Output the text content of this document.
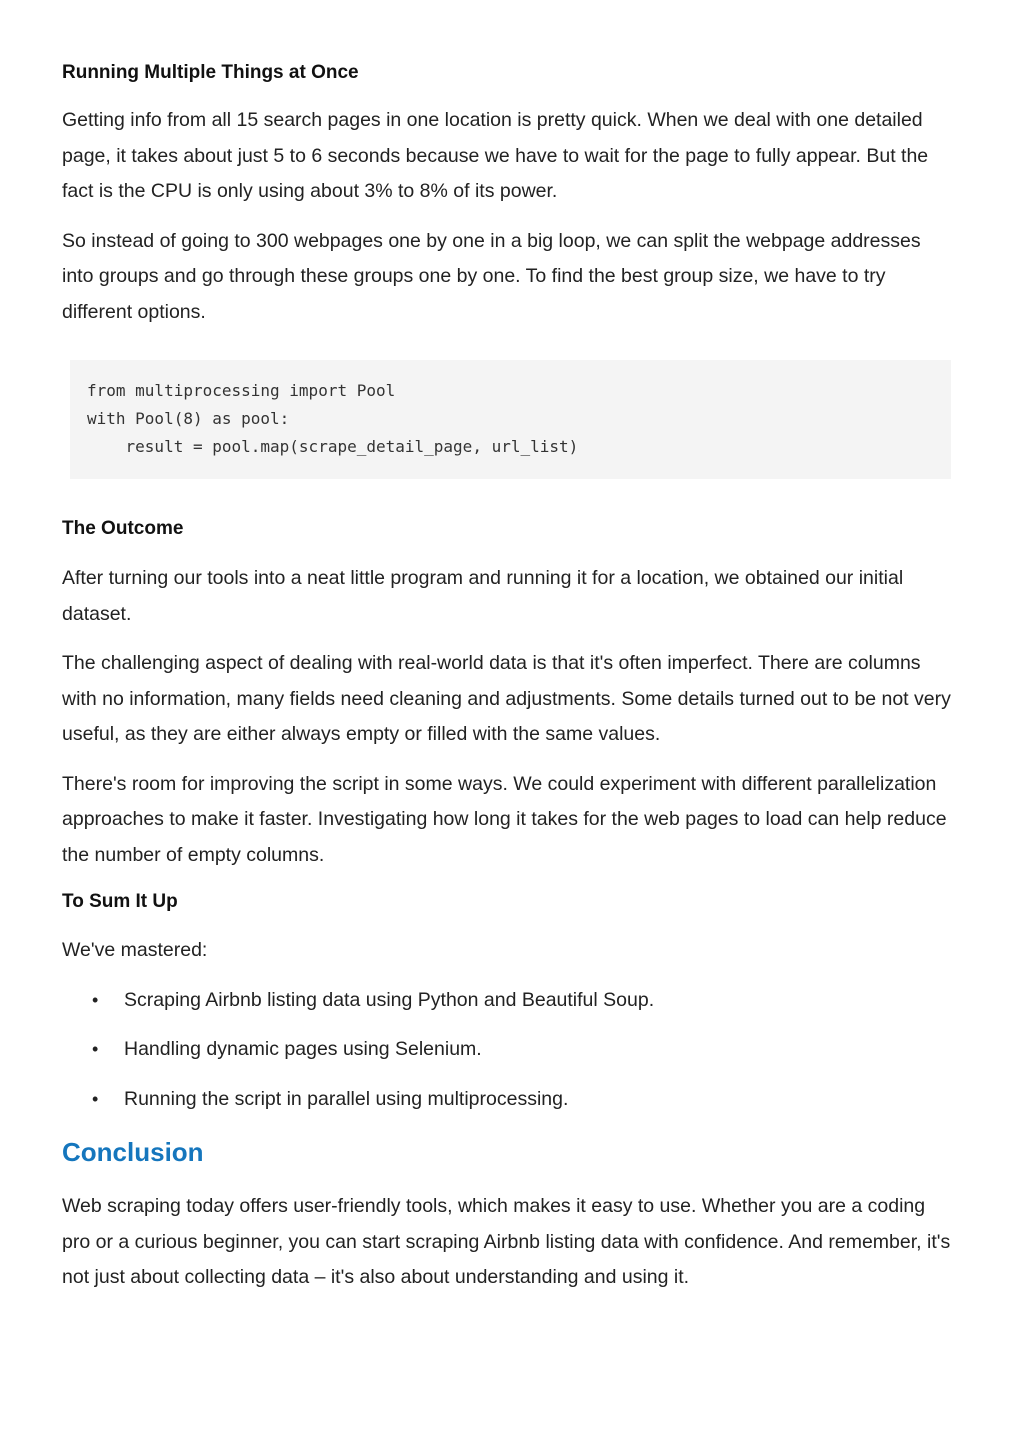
Running Multiple Things at Once

Getting info from all 15 search pages in one location is pretty quick. When we deal with one detailed page, it takes about just 5 to 6 seconds because we have to wait for the page to fully appear. But the fact is the CPU is only using about 3% to 8% of its power.

So instead of going to 300 webpages one by one in a big loop, we can split the webpage addresses into groups and go through these groups one by one. To find the best group size, we have to try different options.

from multiprocessing import Pool
with Pool(8) as pool:
result = pool.map(scrape_detail_page, url_list)
The Outcome

After turning our tools into a neat little program and running it for a location, we obtained our initial dataset.

The challenging aspect of dealing with real-world data is that it's often imperfect. There are columns with no information, many fields need cleaning and adjustments. Some details turned out to be not very useful, as they are either always empty or filled with the same values.

There's room for improving the script in some ways. We could experiment with different parallelization approaches to make it faster. Investigating how long it takes for the web pages to load can help reduce the number of empty columns.

To Sum It Up

We've mastered:

• Scraping Airbnb listing data using Python and Beautiful Soup.
• Handling dynamic pages using Selenium.
• Running the script in parallel using multiprocessing.
Conclusion

Web scraping today offers user-friendly tools, which makes it easy to use. Whether you are a coding pro or a curious beginner, you can start scraping Airbnb listing data with confidence. And remember, it's not just about collecting data – it's also about understanding and using it.
